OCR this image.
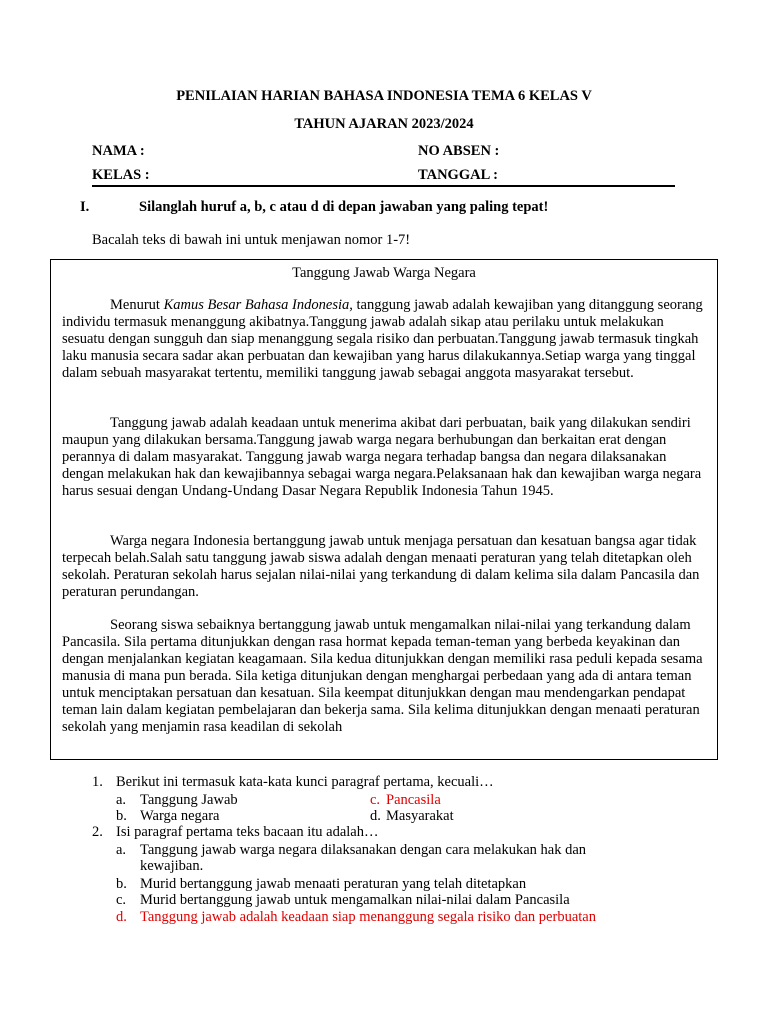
PENILAIAN HARIAN BAHASA INDONESIA TEMA 6 KELAS V
TAHUN AJARAN 2023/2024
NAMA :	NO ABSEN :
KELAS :	TANGGAL :
I.	Silanglah huruf a, b, c atau d di depan jawaban yang paling tepat!
Bacalah teks di bawah ini untuk menjawan nomor 1-7!
Tanggung Jawab Warga Negara
Menurut Kamus Besar Bahasa Indonesia, tanggung jawab adalah kewajiban yang ditanggung seorang individu termasuk menanggung akibatnya.Tanggung jawab adalah sikap atau perilaku untuk melakukan sesuatu dengan sungguh dan siap menanggung segala risiko dan perbuatan.Tanggung jawab termasuk tingkah laku manusia secara sadar akan perbuatan dan kewajiban yang harus dilakukannya.Setiap warga yang tinggal dalam sebuah masyarakat tertentu, memiliki tanggung jawab sebagai anggota masyarakat tersebut.
Tanggung jawab adalah keadaan untuk menerima akibat dari perbuatan, baik yang dilakukan sendiri maupun yang dilakukan bersama.Tanggung jawab warga negara berhubungan dan berkaitan erat dengan perannya di dalam masyarakat. Tanggung jawab warga negara terhadap bangsa dan negara dilaksanakan dengan melakukan hak dan kewajibannya sebagai warga negara.Pelaksanaan hak dan kewajiban warga negara harus sesuai dengan Undang-Undang Dasar Negara Republik Indonesia Tahun 1945.
Warga negara Indonesia bertanggung jawab untuk menjaga persatuan dan kesatuan bangsa agar tidak terpecah belah.Salah satu tanggung jawab siswa adalah dengan menaati peraturan yang telah ditetapkan oleh sekolah. Peraturan sekolah harus sejalan nilai-nilai yang terkandung di dalam kelima sila dalam Pancasila dan peraturan perundangan.
Seorang siswa sebaiknya bertanggung jawab untuk mengamalkan nilai-nilai yang terkandung dalam Pancasila. Sila pertama ditunjukkan dengan rasa hormat kepada teman-teman yang berbeda keyakinan dan dengan menjalankan kegiatan keagamaan. Sila kedua ditunjukkan dengan memiliki rasa peduli kepada sesama manusia di mana pun berada. Sila ketiga ditunjukan dengan menghargai perbedaan yang ada di antara teman untuk menciptakan persatuan dan kesatuan. Sila keempat ditunjukkan dengan mau mendengarkan pendapat teman lain dalam kegiatan pembelajaran dan bekerja sama. Sila kelima ditunjukkan dengan menaati peraturan sekolah yang menjamin rasa keadilan di sekolah
1. Berikut ini termasuk kata-kata kunci paragraf pertama, kecuali…
a. Tanggung Jawab
b. Warga negara
c. Pancasila
d. Masyarakat
2. Isi paragraf pertama teks bacaan itu adalah…
a. Tanggung jawab warga negara dilaksanakan dengan cara melakukan hak dan kewajiban.
b. Murid bertanggung jawab menaati peraturan yang telah ditetapkan
c. Murid bertanggung jawab untuk mengamalkan nilai-nilai dalam Pancasila
d. Tanggung jawab adalah keadaan siap menanggung segala risiko dan perbuatan
